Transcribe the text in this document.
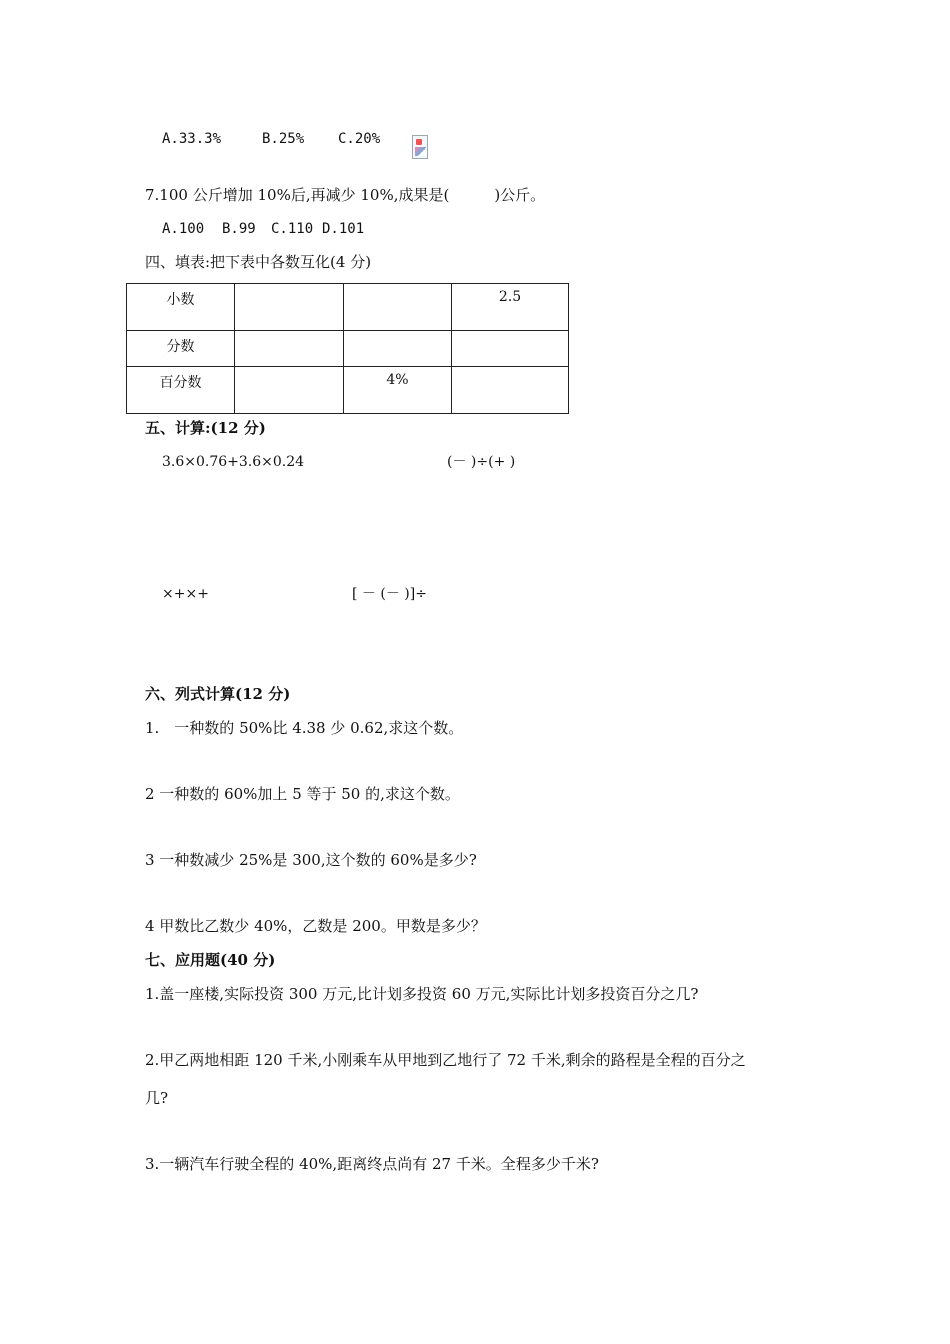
A.33.3%	B.25% C.20%
7.100 公斤增加 10%后,再减少 10%,成果是(　　　)公斤。
A.100 B.99 C.110 D.101
四、填表:把下表中各数互化(4 分)
小数			2.5

分数			

百分数		4%	

五、计算:(12 分)
3.6×0.76+3.6×0.24	(－ )÷(+ )
×+×+	[ － (－ )]÷
六、列式计算(12 分)
1.　一种数的 50%比 4.38 少 0.62,求这个数。
2 一种数的 60%加上 5 等于 50 的,求这个数。
3 一种数减少 25%是 300,这个数的 60%是多少?
4 甲数比乙数少 40%，乙数是 200。甲数是多少？
七、应用题(40 分)
1.盖一座楼,实际投资 300 万元,比计划多投资 60 万元,实际比计划多投资百分之几?
2.甲乙两地相距 120 千米,小刚乘车从甲地到乙地行了 72 千米,剩余的路程是全程的百分之
几?
3.一辆汽车行驶全程的 40%,距离终点尚有 27 千米。全程多少千米?
